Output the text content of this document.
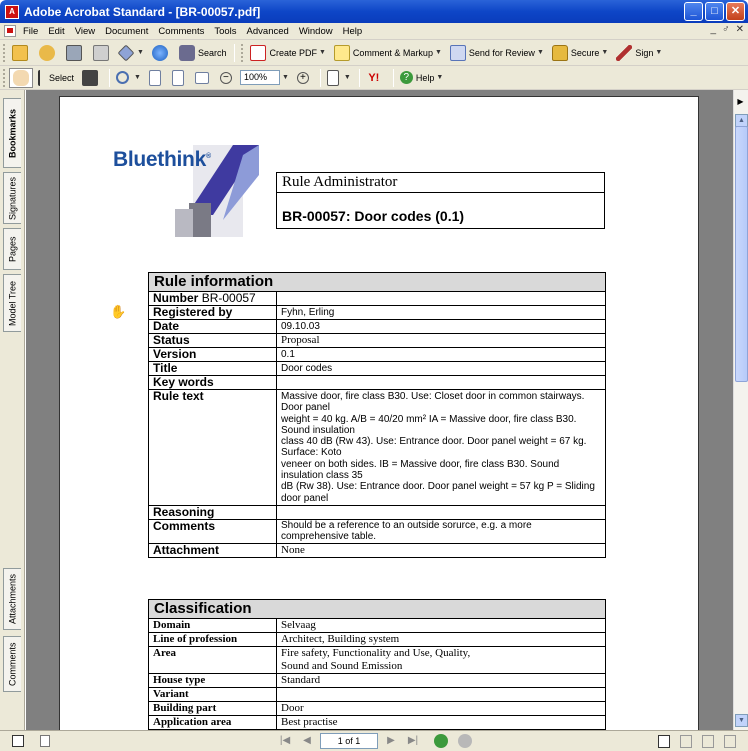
A Adobe Acrobat Standard - [BR-00057.pdf]	_	□	✕
File	Edit	View	Document	Comments	Tools	Advanced	Window	Help	_ ♂ ✕
▼	Search	Create PDF ▼	Comment & Markup ▼	Send for Review ▼	Secure ▼	Sign ▼
Select	▼	−	100%	▼	+	▼ Y!	? Help ▼
Bookmarks
Signatures
Pages
Model Tree
Attachments
Comments
Bluethink®
Rule Administrator
BR-00057: Door codes (0.1)
Rule information	
Number BR-00057	
Registered by	Fyhn, Erling
Date	09.10.03
Status	Proposal
Version	0.1
Title	Door codes
Key words	
Rule text	Massive door, fire class B30. Use: Closet door in common stairways. Door panel
weight = 40 kg. A/B = 40/20 mm² IA = Massive door, fire class B30. Sound insulation
class 40 dB (Rw 43). Use: Entrance door. Door panel weight = 67 kg. Surface: Koto
veneer on both sides. IB = Massive door, fire class B30. Sound insulation class 35
dB (Rw 38). Use: Entrance door. Door panel weight = 57 kg P = Sliding door panel

Reasoning	
Comments	Should be a reference to an outside sorurce, e.g. a more comprehensive table.
Attachment	None
Classification	
Domain	Selvaag
Line of profession	Architect, Building system
Area	Fire safety, Functionality and Use, Quality,
Sound and Sound Emission

House type	Standard
Variant	
Building part	Door
Application area	Best practise
✋
▲
▼
▶
|◀	◀	1 of 1	▶	▶|
